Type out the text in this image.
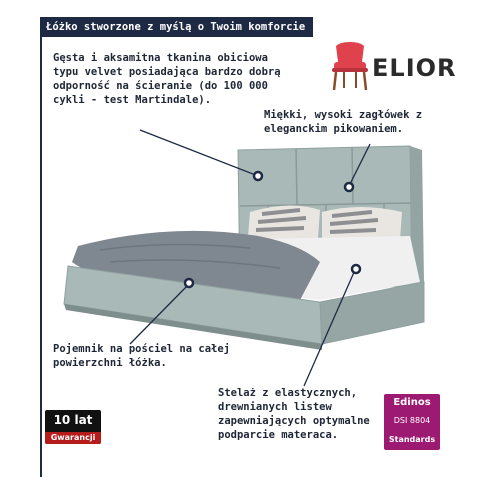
Łóżko stworzone z myślą o Twoim komforcie
ELIOR
Gęsta i aksamitna tkanina obiciowa typu velvet posiadająca bardzo dobrą odporność na ścieranie (do 100 000 cykli - test Martindale).
Miękki, wysoki zagłówek z eleganckim pikowaniem.
Pojemnik na pościel na całej powierzchni łóżka.
Stelaż z elastycznych, drewnianych listew zapewniających optymalne podparcie materaca.
10 lat
Gwarancji
Edinos
DSI 8804
Standards
